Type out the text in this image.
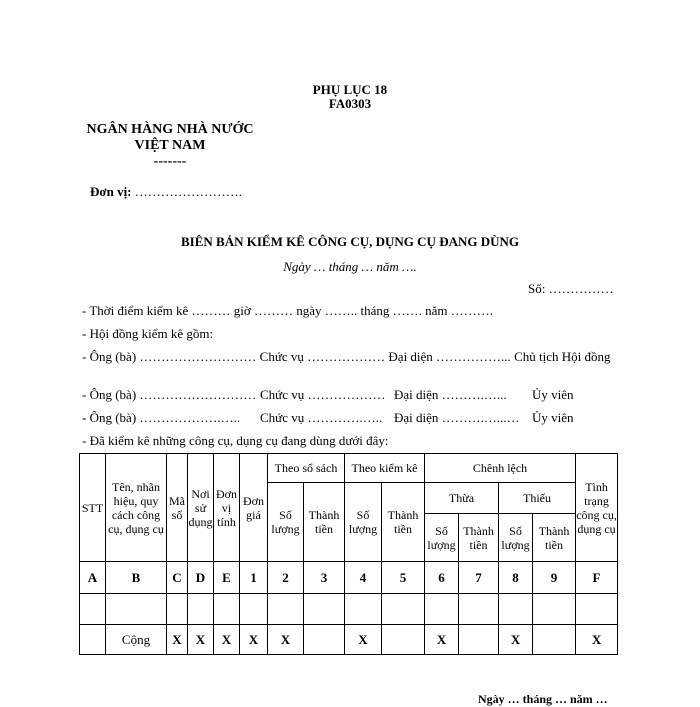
PHỤ LỤC 18
FA0303
NGÂN HÀNG NHÀ NƯỚC
VIỆT NAM
-------
Đơn vị: …………………….
BIÊN BẢN KIỂM KÊ CÔNG CỤ, DỤNG CỤ ĐANG DÙNG
Ngày … tháng … năm ….
Số: ……………
- Thời điểm kiểm kê ……… giờ ……… ngày …….. tháng ……. năm ……….
- Hội đồng kiểm kê gồm:
- Ông (bà) ……………………… Chức vụ ……………… Đại diện ……………... Chủ tịch Hội đồng
- Ông (bà) ……………………… Chức vụ ……………… Đại diện ……….…... Ủy viên
- Ông (bà) ……………….….. Chức vụ ………….….. Đại diện ……….…...… Ủy viên
- Đã kiểm kê những công cụ, dụng cụ đang dùng dưới đây:
STT	Tên, nhãn hiệu, quy cách công cụ, dụng cụ	Mã số	Nơi sử dụng	Đơn vị tính	Đơn giá	Theo sổ sách		Theo kiểm kê		Chênh lệch				Tình trạng công cụ, dụng cụ
						Số lượng	Thành tiền	Số lượng	Thành tiền	Thừa		Thiếu		
										Số lượng	Thành tiền	Số lượng	Thành tiền	
A	B	C	D	E	1	2	3	4	5	6	7	8	9	F

	Cộng	X	X	X	X	X		X		X		X		X
Ngày … tháng … năm …
